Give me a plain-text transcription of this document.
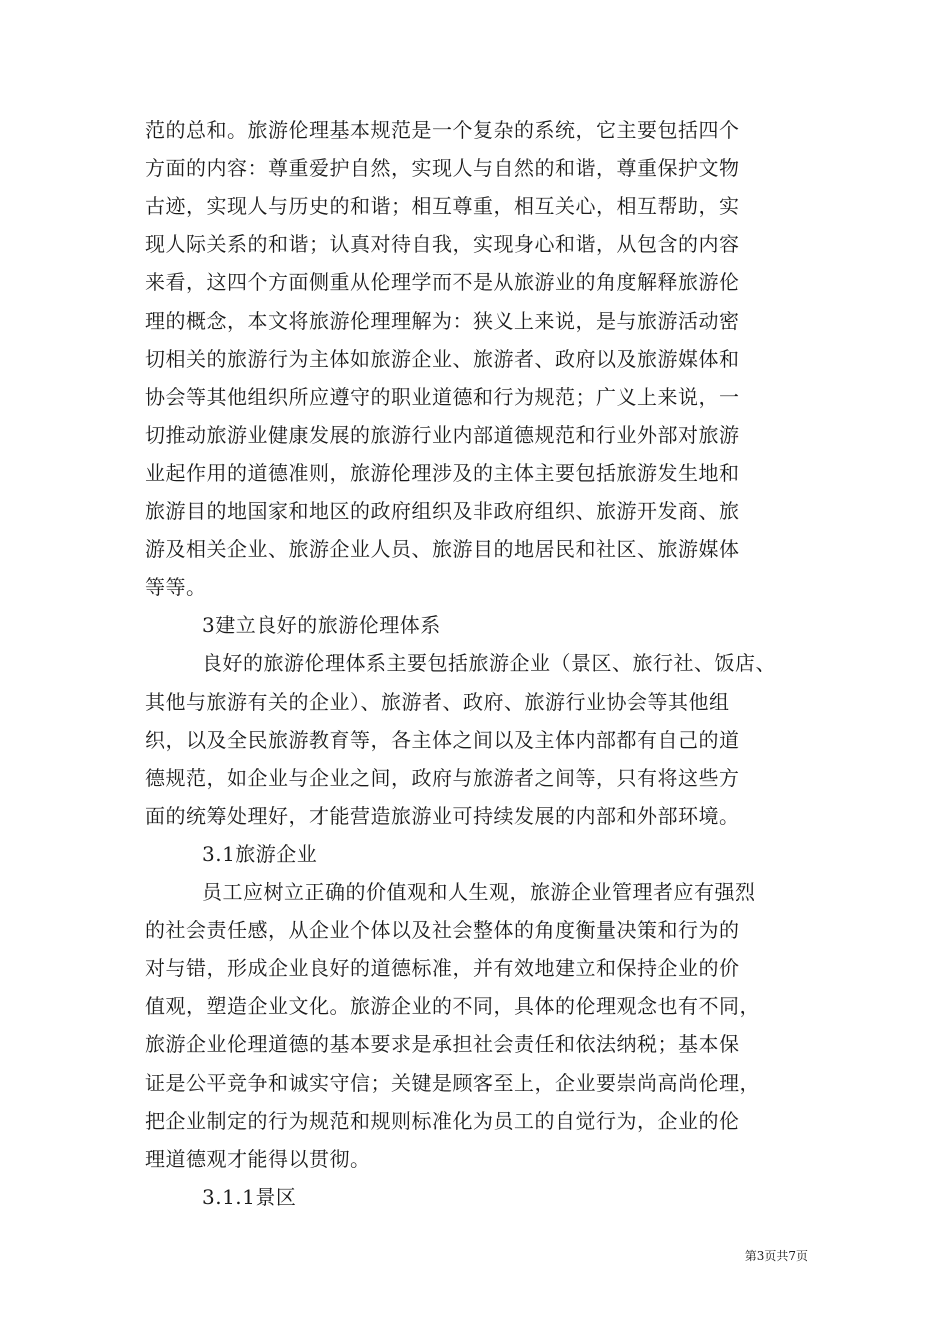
范的总和。旅游伦理基本规范是一个复杂的系统，它主要包括四个
方面的内容：尊重爱护自然，实现人与自然的和谐，尊重保护文物
古迹，实现人与历史的和谐；相互尊重，相互关心，相互帮助，实
现人际关系的和谐；认真对待自我，实现身心和谐，从包含的内容
来看，这四个方面侧重从伦理学而不是从旅游业的角度解释旅游伦
理的概念，本文将旅游伦理理解为：狭义上来说，是与旅游活动密
切相关的旅游行为主体如旅游企业、旅游者、政府以及旅游媒体和
协会等其他组织所应遵守的职业道德和行为规范；广义上来说，一
切推动旅游业健康发展的旅游行业内部道德规范和行业外部对旅游
业起作用的道德准则，旅游伦理涉及的主体主要包括旅游发生地和
旅游目的地国家和地区的政府组织及非政府组织、旅游开发商、旅
游及相关企业、旅游企业人员、旅游目的地居民和社区、旅游媒体
等等。
3建立良好的旅游伦理体系
良好的旅游伦理体系主要包括旅游企业（景区、旅行社、饭店、
其他与旅游有关的企业）、旅游者、政府、旅游行业协会等其他组
织，以及全民旅游教育等，各主体之间以及主体内部都有自己的道
德规范，如企业与企业之间，政府与旅游者之间等，只有将这些方
面的统筹处理好，才能营造旅游业可持续发展的内部和外部环境。
3.1旅游企业
员工应树立正确的价值观和人生观，旅游企业管理者应有强烈
的社会责任感，从企业个体以及社会整体的角度衡量决策和行为的
对与错，形成企业良好的道德标准，并有效地建立和保持企业的价
值观，塑造企业文化。旅游企业的不同，具体的伦理观念也有不同，
旅游企业伦理道德的基本要求是承担社会责任和依法纳税；基本保
证是公平竞争和诚实守信；关键是顾客至上，企业要崇尚高尚伦理，
把企业制定的行为规范和规则标准化为员工的自觉行为，企业的伦
理道德观才能得以贯彻。
3.1.1景区
第3页共7页
